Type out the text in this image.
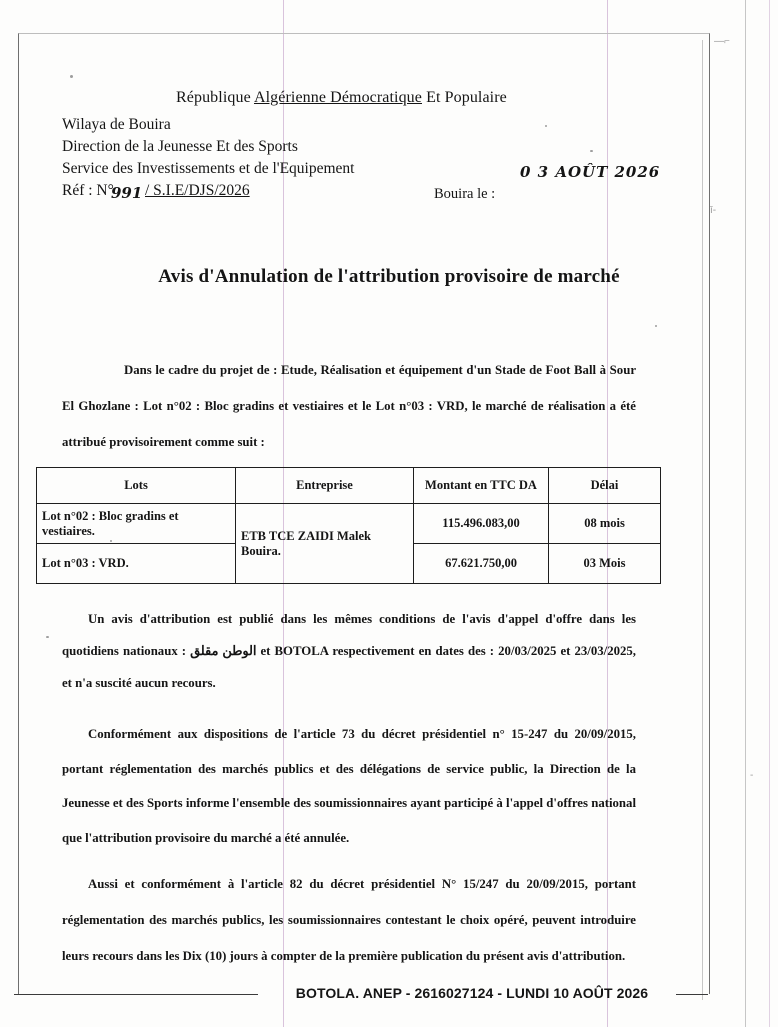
—⌐
ī-
-
République Algérienne Démocratique Et Populaire
Wilaya de Bouira
Direction de la Jeunesse Et des Sports
Service des Investissements et de l'Equipement
Réf : N°
991 / S.I.E/DJS/2026	Bouira le :
0 3 AOÛT 2026
Avis d'Annulation de l'attribution provisoire de marché

Dans le cadre du projet de : Etude, Réalisation et équipement d'un Stade de Foot Ball à Sour El Ghozlane : Lot n°02 : Bloc gradins et vestiaires et le Lot n°03 : VRD, le marché de réalisation a été attribué provisoirement comme suit :

Lots	Entreprise	Montant en TTC DA	Délai
Lot n°02 : Bloc gradins et vestiaires.	ETB TCE ZAIDI Malek Bouira.	115.496.083,00	08 mois
Lot n°03 : VRD.		67.621.750,00	03 Mois

Un avis d'attribution est publié dans les mêmes conditions de l'avis d'appel d'offre dans les quotidiens nationaux : الوطن مقلق et BOTOLA respectivement en dates des : 20/03/2025 et 23/03/2025, et n'a suscité aucun recours.

Conformément aux dispositions de l'article 73 du décret présidentiel n° 15-247 du 20/09/2015, portant réglementation des marchés publics et des délégations de service public, la Direction de la Jeunesse et des Sports informe l'ensemble des soumissionnaires ayant participé à l'appel d'offres national que l'attribution provisoire du marché a été annulée.

Aussi et conformément à l'article 82 du décret présidentiel N° 15/247 du 20/09/2015, portant réglementation des marchés publics, les soumissionnaires contestant le choix opéré, peuvent introduire leurs recours dans les Dix (10) jours à compter de la première publication du présent avis d'attribution.

BOTOLA. ANEP - 2616027124 - LUNDI 10 AOÛT 2026
